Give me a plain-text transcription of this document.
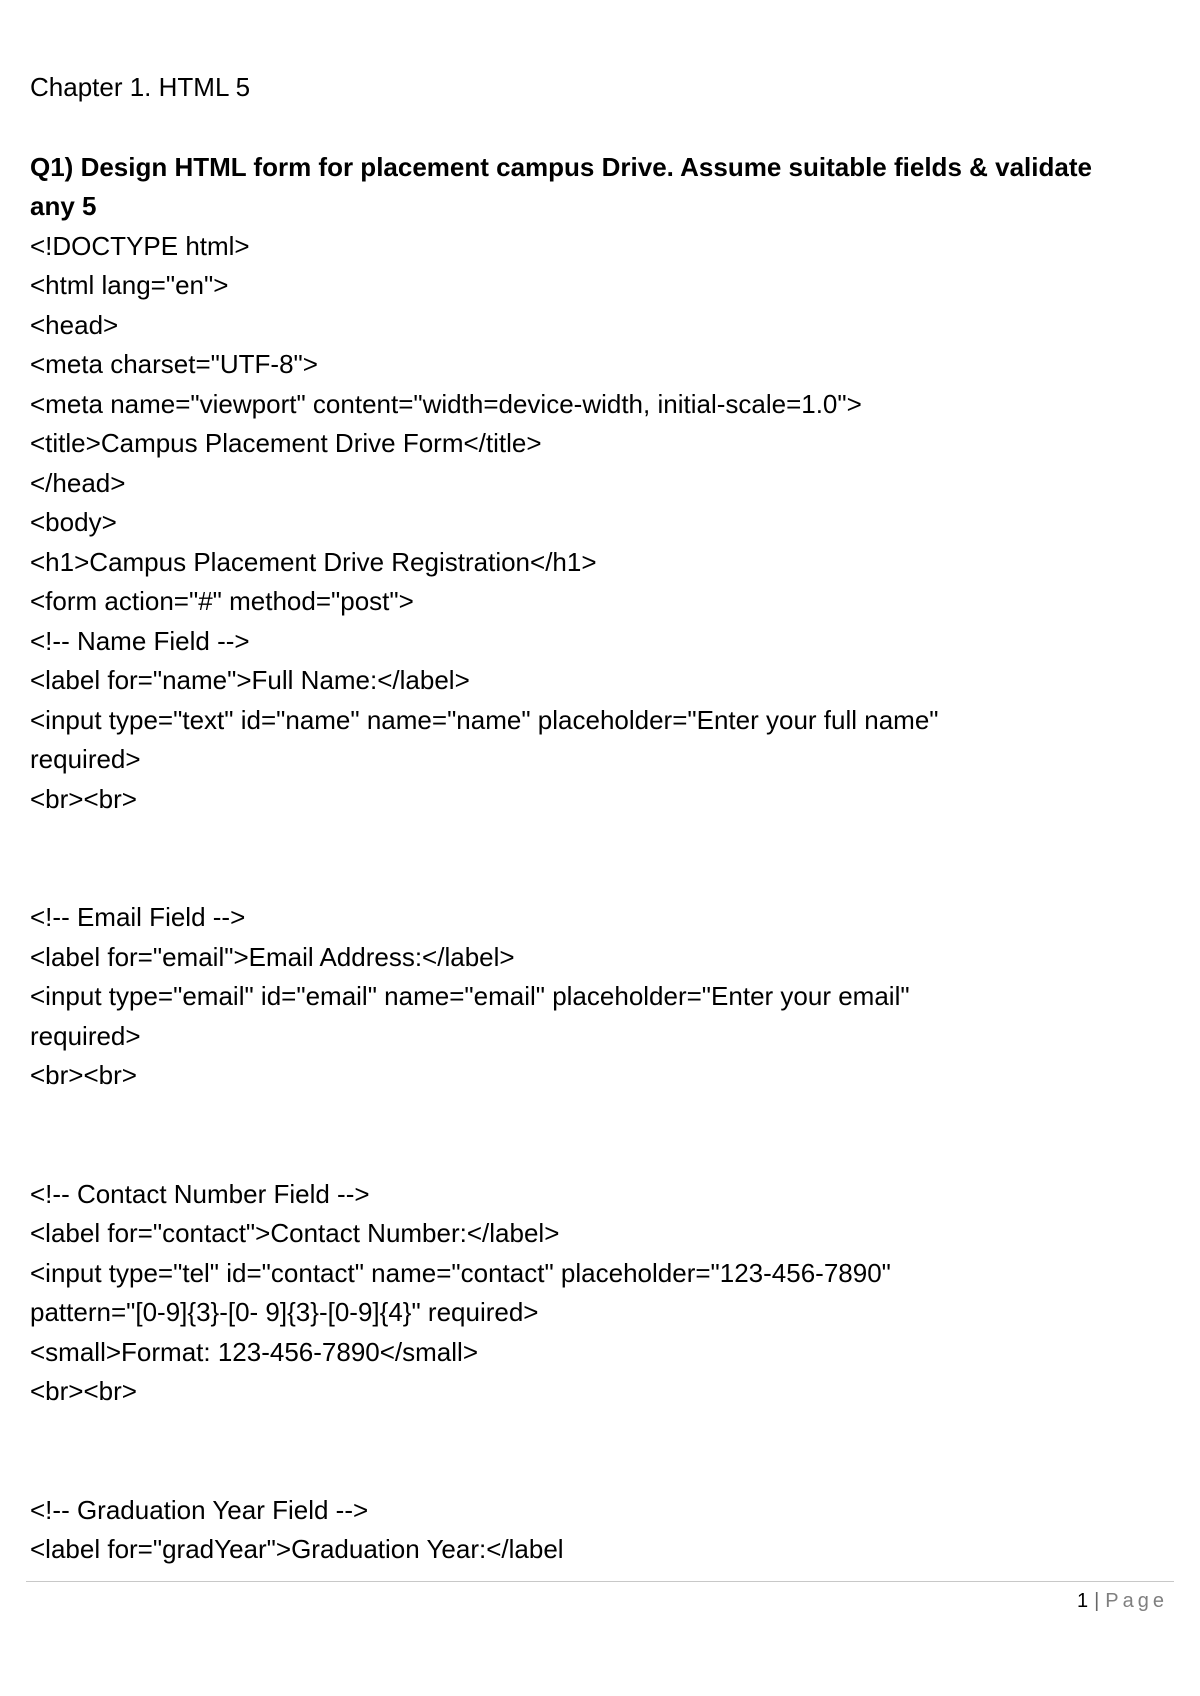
Chapter 1. HTML 5

Q1) Design HTML form for placement campus Drive. Assume suitable fields & validate any 5

<!DOCTYPE html>

<html lang="en">

<head>

<meta charset="UTF-8">

<meta name="viewport" content="width=device-width, initial-scale=1.0">

<title>Campus Placement Drive Form</title>

</head>

<body>

<h1>Campus Placement Drive Registration</h1>

<form action="#" method="post">

<!-- Name Field -->

<label for="name">Full Name:</label>

<input type="text" id="name" name="name" placeholder="Enter your full name"

required>

<br><br>

<!-- Email Field -->

<label for="email">Email Address:</label>

<input type="email" id="email" name="email" placeholder="Enter your email"

required>

<br><br>

<!-- Contact Number Field -->

<label for="contact">Contact Number:</label>

<input type="tel" id="contact" name="contact" placeholder="123-456-7890"

pattern="[0-9]{3}-[0- 9]{3}-[0-9]{4}" required>

<small>Format: 123-456-7890</small>

<br><br>

<!-- Graduation Year Field -->

<label for="gradYear">Graduation Year:</label

1 | Page
